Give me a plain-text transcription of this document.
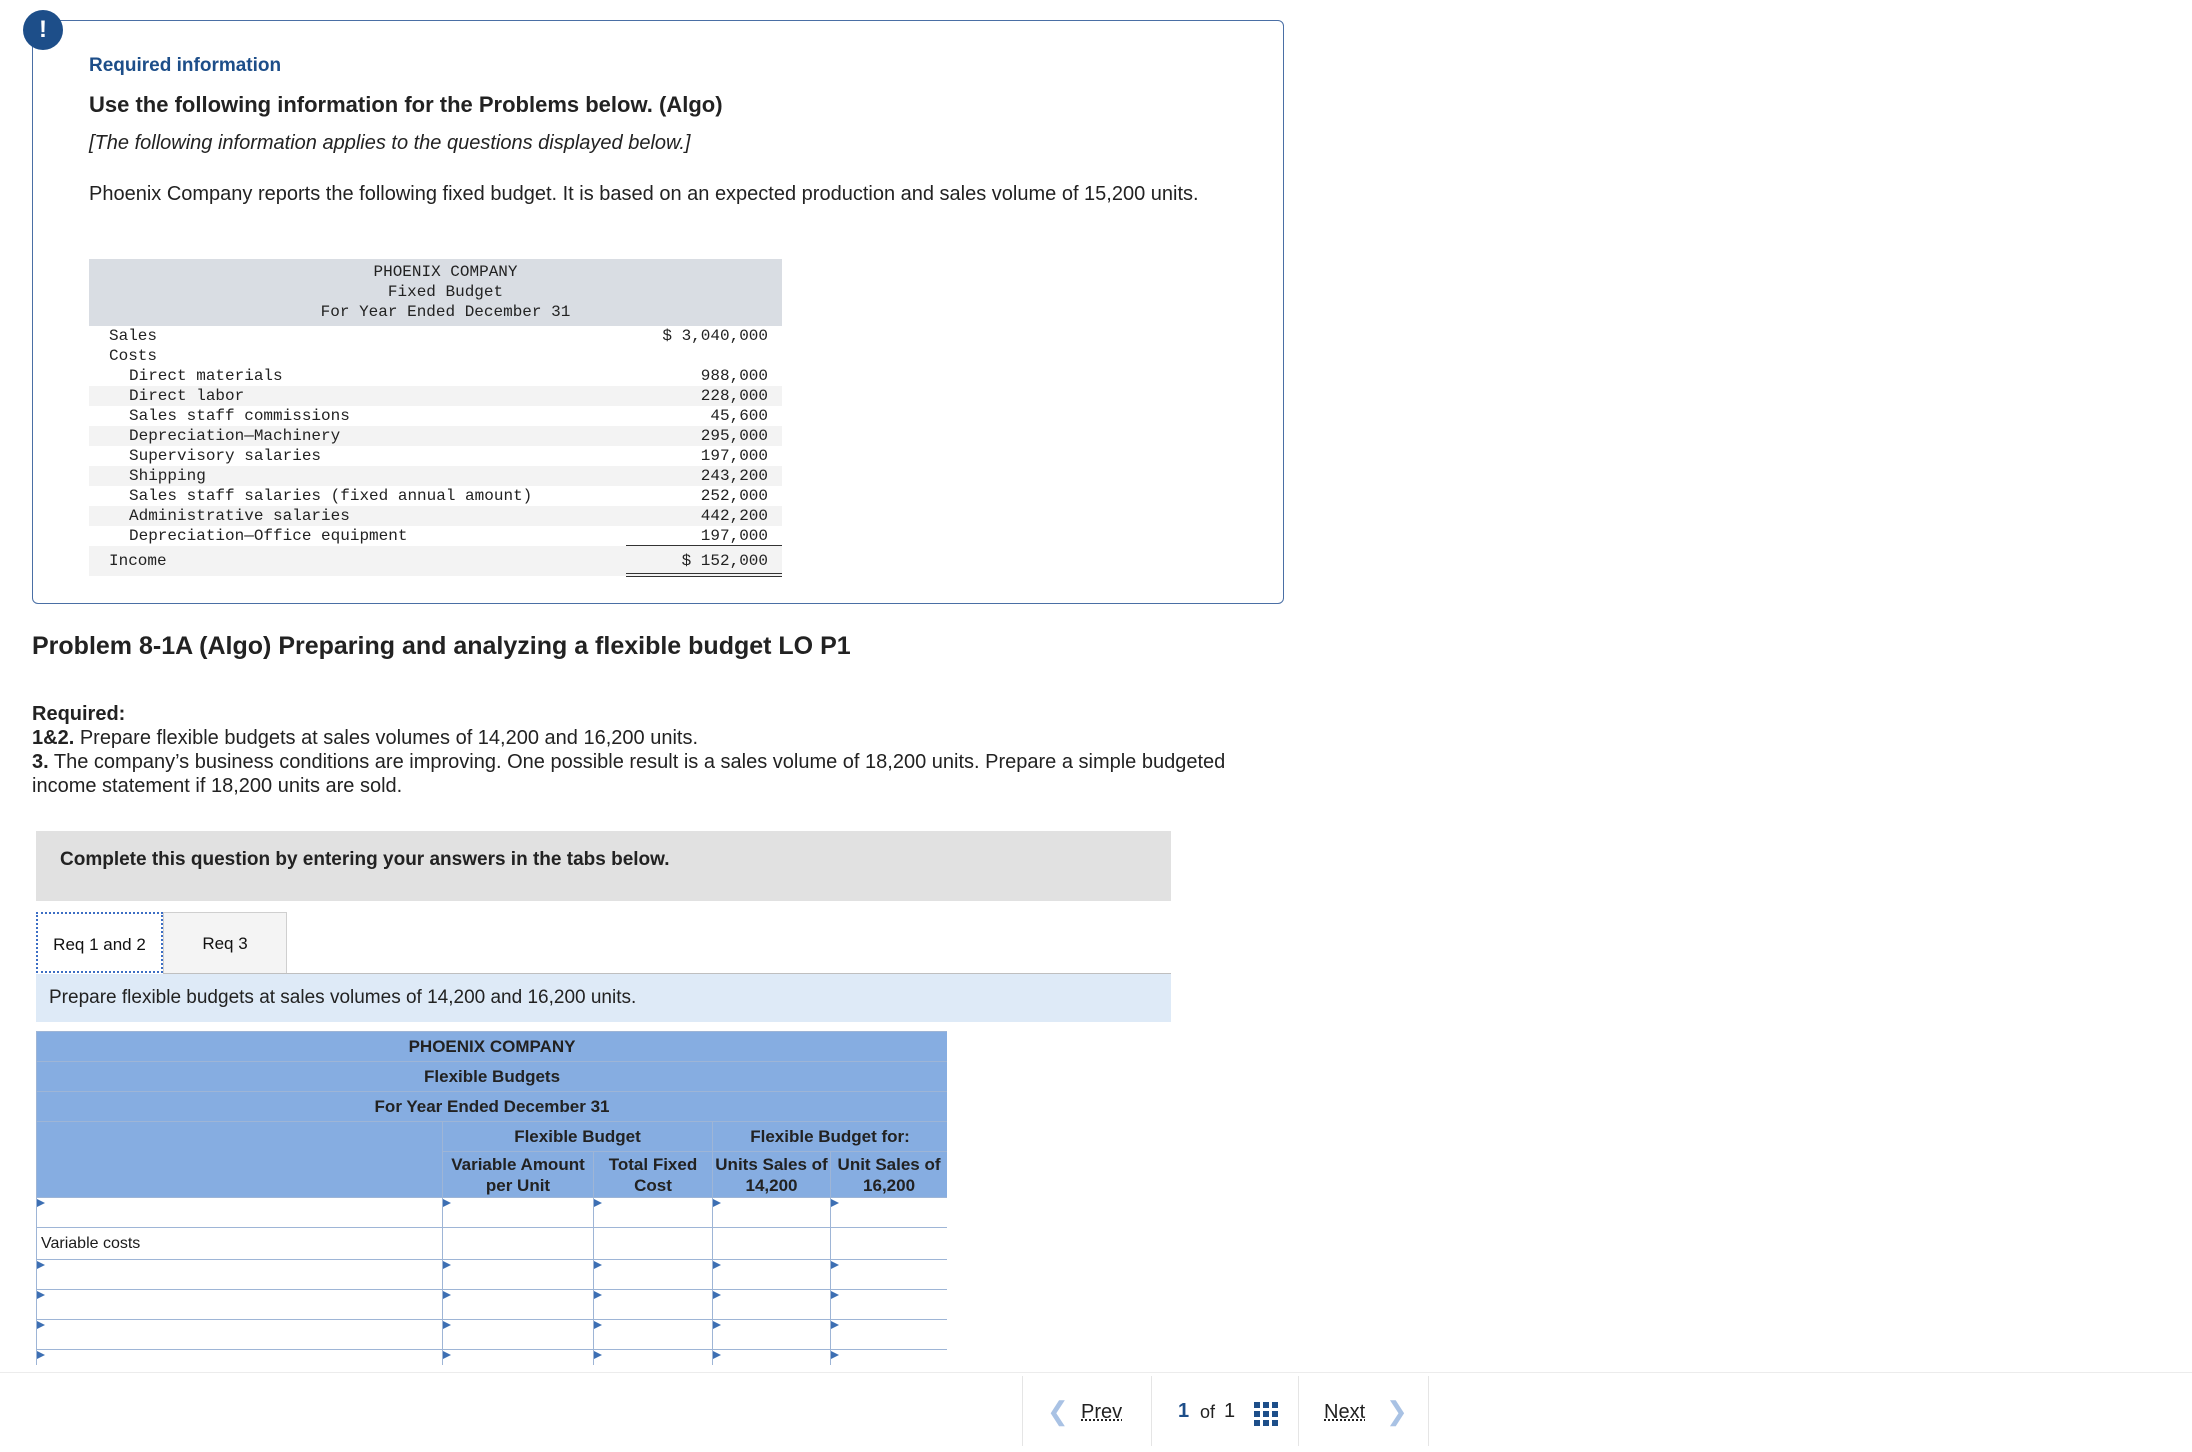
!
Required information
Use the following information for the Problems below. (Algo)
[The following information applies to the questions displayed below.]
Phoenix Company reports the following fixed budget. It is based on an expected production and sales volume of 15,200 units.
PHOENIX COMPANY
Fixed Budget
For Year Ended December 31
Sales	$ 3,040,000
Costs
Direct materials	988,000
Direct labor	228,000
Sales staff commissions	45,600
Depreciation—Machinery	295,000
Supervisory salaries	197,000
Shipping	243,200
Sales staff salaries (fixed annual amount)	252,000
Administrative salaries	442,200
Depreciation—Office equipment	197,000
Income	$ 152,000
Problem 8-1A (Algo) Preparing and analyzing a flexible budget LO P1
Required:
1&2. Prepare flexible budgets at sales volumes of 14,200 and 16,200 units.
3. The company’s business conditions are improving. One possible result is a sales volume of 18,200 units. Prepare a simple budgeted income statement if 18,200 units are sold.
Complete this question by entering your answers in the tabs below.
Req 1 and 2	Req 3
Prepare flexible budgets at sales volumes of 14,200 and 16,200 units.
PHOENIX COMPANY				
Flexible Budgets				
For Year Ended December 31				
	Flexible Budget		Flexible Budget for:	
	Variable Amount per Unit	Total Fixed Cost	Units Sales of 14,200	Unit Sales of 16,200

Variable costs				

❮ Prev	1 of 1	Next ❯
